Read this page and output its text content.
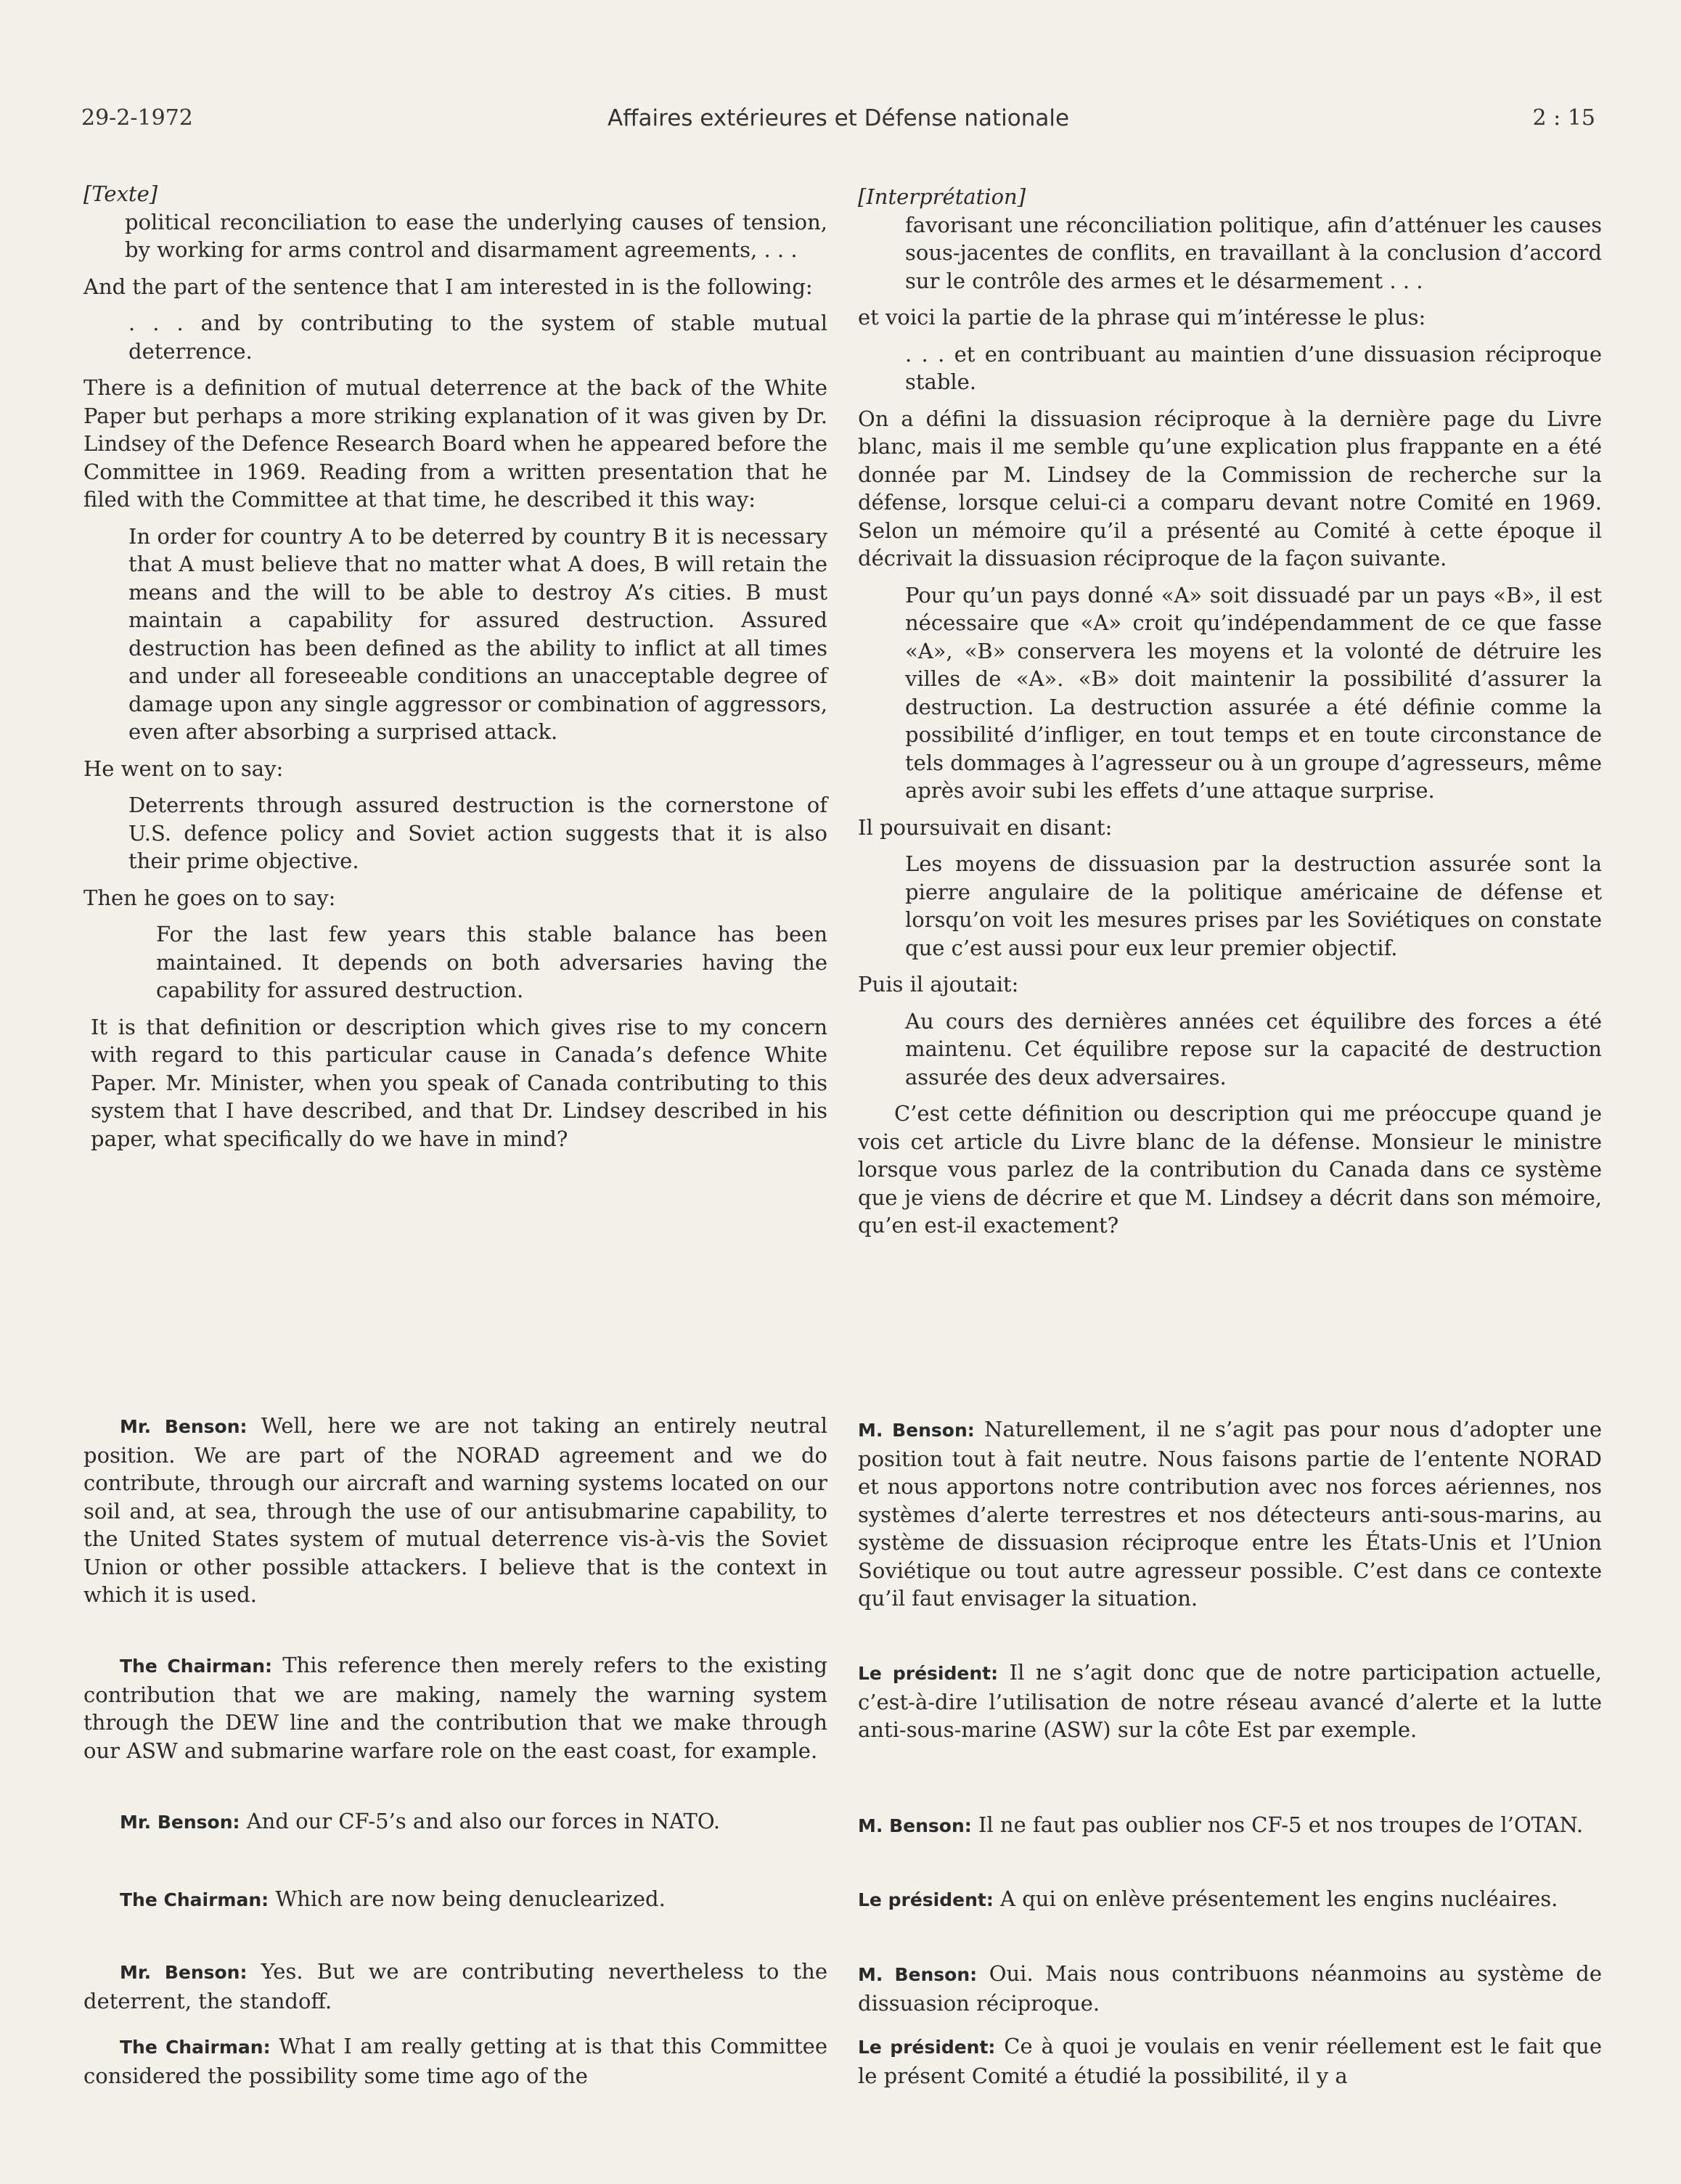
29-2-1972	Affaires extérieures et Défense nationale	2 : 15
[Texte]

political reconciliation to ease the underlying causes of tension, by working for arms control and disarmament agreements, . . .

And the part of the sentence that I am interested in is the following:

. . . and by contributing to the system of stable mutual deterrence.

There is a definition of mutual deterrence at the back of the White Paper but perhaps a more striking explanation of it was given by Dr. Lindsey of the Defence Research Board when he appeared before the Committee in 1969. Reading from a written presentation that he filed with the Committee at that time, he described it this way:

In order for country A to be deterred by country B it is necessary that A must believe that no matter what A does, B will retain the means and the will to be able to destroy A’s cities. B must maintain a capability for assured destruction. Assured destruction has been defined as the ability to inflict at all times and under all foreseeable conditions an unacceptable degree of damage upon any single aggressor or combination of aggressors, even after absorbing a surprised attack.

He went on to say:

Deterrents through assured destruction is the cornerstone of U.S. defence policy and Soviet action suggests that it is also their prime objective.

Then he goes on to say:

For the last few years this stable balance has been maintained. It depends on both adversaries having the capability for assured destruction.

It is that definition or description which gives rise to my concern with regard to this particular cause in Canada’s defence White Paper. Mr. Minister, when you speak of Canada contributing to this system that I have described, and that Dr. Lindsey described in his paper, what specifically do we have in mind?

Mr. Benson: Well, here we are not taking an entirely neutral position. We are part of the NORAD agreement and we do contribute, through our aircraft and warning systems located on our soil and, at sea, through the use of our antisubmarine capability, to the United States system of mutual deterrence vis-à-vis the Soviet Union or other possible attackers. I believe that is the context in which it is used.

The Chairman: This reference then merely refers to the existing contribution that we are making, namely the warning system through the DEW line and the contribution that we make through our ASW and submarine warfare role on the east coast, for example.

Mr. Benson: And our CF-5’s and also our forces in NATO.

The Chairman: Which are now being denuclearized.

Mr. Benson: Yes. But we are contributing nevertheless to the deterrent, the standoff.

The Chairman: What I am really getting at is that this Committee considered the possibility some time ago of the

[Interprétation]

favorisant une réconciliation politique, afin d’atténuer les causes sous-jacentes de conflits, en travaillant à la conclusion d’accord sur le contrôle des armes et le désarmement . . .

et voici la partie de la phrase qui m’intéresse le plus:

. . . et en contribuant au maintien d’une dissuasion réciproque stable.

On a défini la dissuasion réciproque à la dernière page du Livre blanc, mais il me semble qu’une explication plus frappante en a été donnée par M. Lindsey de la Commission de recherche sur la défense, lorsque celui-ci a comparu devant notre Comité en 1969. Selon un mémoire qu’il a présenté au Comité à cette époque il décrivait la dissuasion réciproque de la façon suivante.

Pour qu’un pays donné «A» soit dissuadé par un pays «B», il est nécessaire que «A» croit qu’indépendamment de ce que fasse «A», «B» conservera les moyens et la volonté de détruire les villes de «A». «B» doit maintenir la possibilité d’assurer la destruction. La destruction assurée a été définie comme la possibilité d’infliger, en tout temps et en toute circonstance de tels dommages à l’agresseur ou à un groupe d’agresseurs, même après avoir subi les effets d’une attaque surprise.

Il poursuivait en disant:

Les moyens de dissuasion par la destruction assurée sont la pierre angulaire de la politique américaine de défense et lorsqu’on voit les mesures prises par les Soviétiques on constate que c’est aussi pour eux leur premier objectif.

Puis il ajoutait:

Au cours des dernières années cet équilibre des forces a été maintenu. Cet équilibre repose sur la capacité de destruction assurée des deux adversaires.

C’est cette définition ou description qui me préoccupe quand je vois cet article du Livre blanc de la défense. Monsieur le ministre lorsque vous parlez de la contribution du Canada dans ce système que je viens de décrire et que M. Lindsey a décrit dans son mémoire, qu’en est-il exactement?

M. Benson: Naturellement, il ne s’agit pas pour nous d’adopter une position tout à fait neutre. Nous faisons partie de l’entente NORAD et nous apportons notre contribution avec nos forces aériennes, nos systèmes d’alerte terrestres et nos détecteurs anti-sous-marins, au système de dissuasion réciproque entre les États-Unis et l’Union Soviétique ou tout autre agresseur possible. C’est dans ce contexte qu’il faut envisager la situation.

Le président: Il ne s’agit donc que de notre participation actuelle, c’est-à-dire l’utilisation de notre réseau avancé d’alerte et la lutte anti-sous-marine (ASW) sur la côte Est par exemple.

M. Benson: Il ne faut pas oublier nos CF-5 et nos troupes de l’OTAN.

Le président: A qui on enlève présentement les engins nucléaires.

M. Benson: Oui. Mais nous contribuons néanmoins au système de dissuasion réciproque.

Le président: Ce à quoi je voulais en venir réellement est le fait que le présent Comité a étudié la possibilité, il y a
